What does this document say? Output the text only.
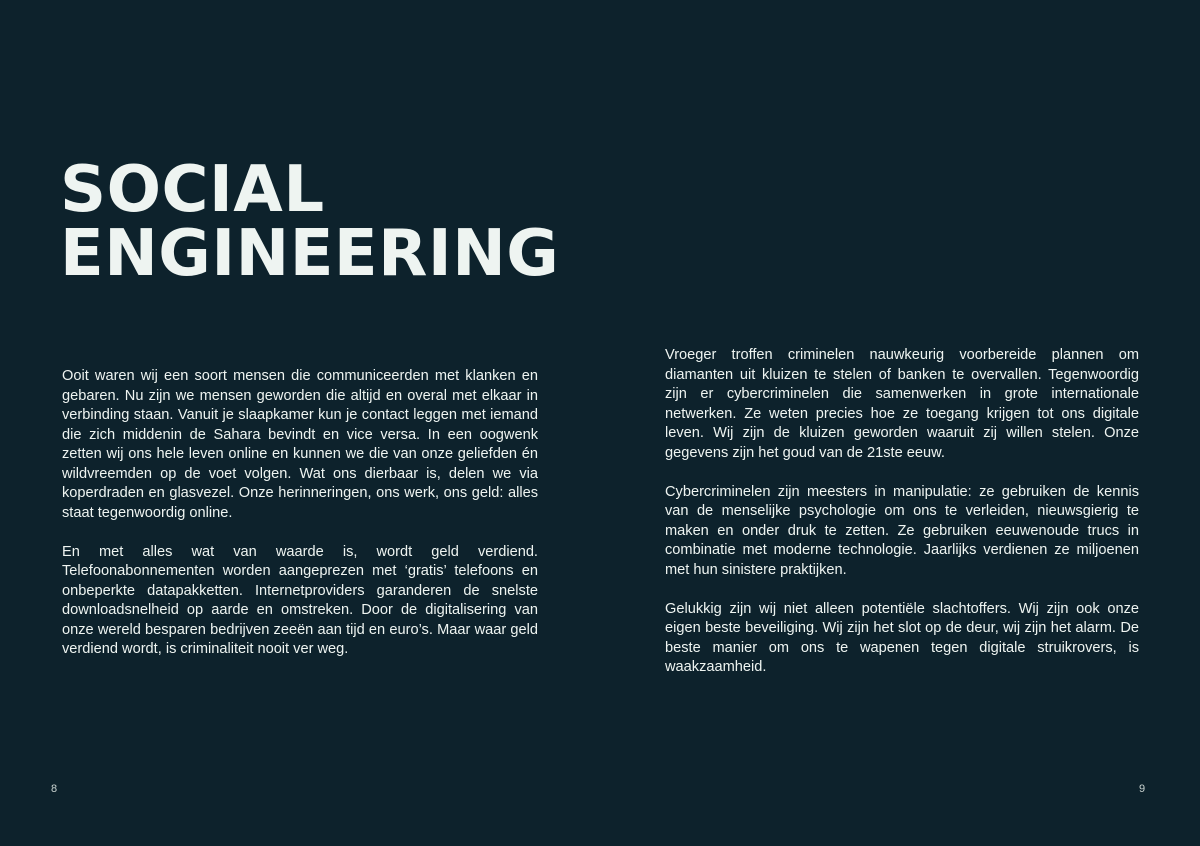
SOCIAL
ENGINEERING

Ooit waren wij een soort mensen die communiceerden met klanken en gebaren. Nu zijn we mensen geworden die altijd en overal met elkaar in verbinding staan. Vanuit je slaapkamer kun je contact leggen met iemand die zich middenin de Sahara bevindt en vice versa. In een oogwenk zetten wij ons hele leven online en kunnen we die van onze geliefden én wildvreemden op de voet volgen. Wat ons dierbaar is, delen we via koperdraden en glasvezel. Onze herinneringen, ons werk, ons geld: alles staat tegenwoordig online.

En met alles wat van waarde is, wordt geld verdiend. Telefoonabonnementen worden aangeprezen met ‘gratis’ telefoons en onbeperkte datapakketten. Internetproviders garanderen de snelste downloadsnelheid op aarde en omstreken. Door de digitalisering van onze wereld besparen bedrijven zeeën aan tijd en euro’s. Maar waar geld verdiend wordt, is criminaliteit nooit ver weg.

Vroeger troffen criminelen nauwkeurig voorbereide plannen om diamanten uit kluizen te stelen of banken te overvallen. Tegenwoordig zijn er cybercriminelen die samenwerken in grote internationale netwerken. Ze weten precies hoe ze toegang krijgen tot ons digitale leven. Wij zijn de kluizen geworden waaruit zij willen stelen. Onze gegevens zijn het goud van de 21ste eeuw.

Cybercriminelen zijn meesters in manipulatie: ze gebruiken de kennis van de menselijke psychologie om ons te verleiden, nieuwsgierig te maken en onder druk te zetten. Ze gebruiken eeuwenoude trucs in combinatie met moderne technologie. Jaarlijks verdienen ze miljoenen met hun sinistere praktijken.

Gelukkig zijn wij niet alleen potentiële slachtoffers. Wij zijn ook onze eigen beste beveiliging. Wij zijn het slot op de deur, wij zijn het alarm. De beste manier om ons te wapenen tegen digitale struikrovers, is waakzaamheid.

8	9
